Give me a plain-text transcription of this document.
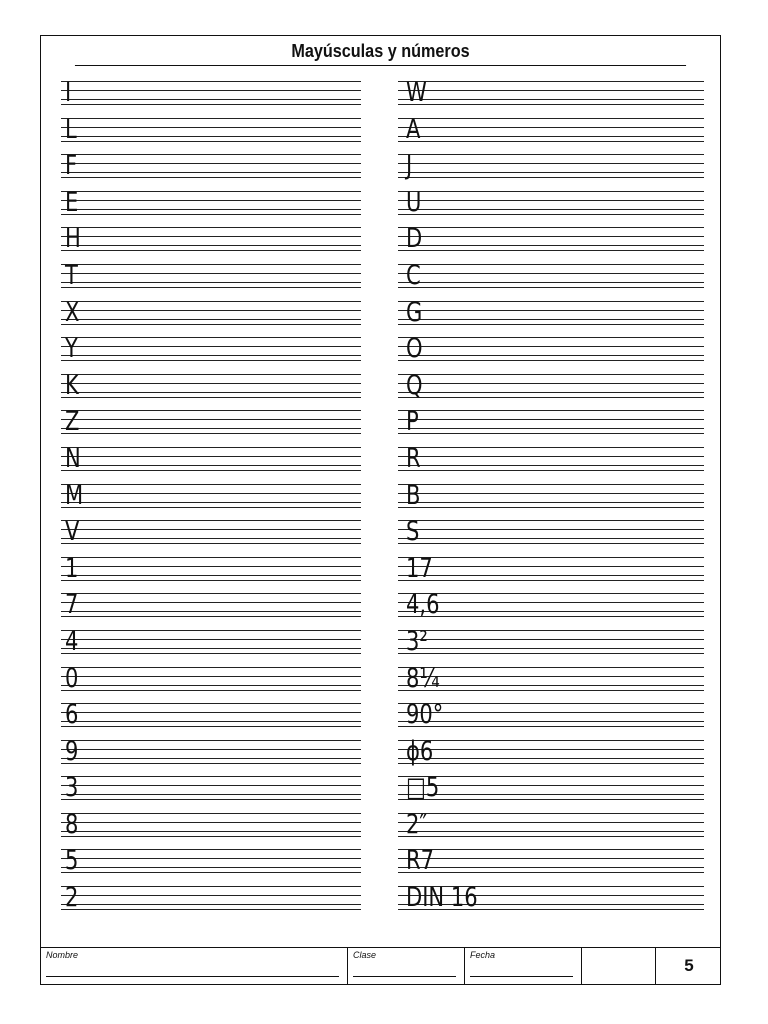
Mayúsculas y números
I
L
F
E
H
T
X
Y
K
Z
N
M
V
1
7
4
0
6
9
3
8
5
2
W
A
J
U
D
C
G
O
Q
P
R
B
S
17
4,6
3²
8¼
90°
ϕ6
□5
2″
R7
DIN 16
Nombre	Clase	Fecha
5
